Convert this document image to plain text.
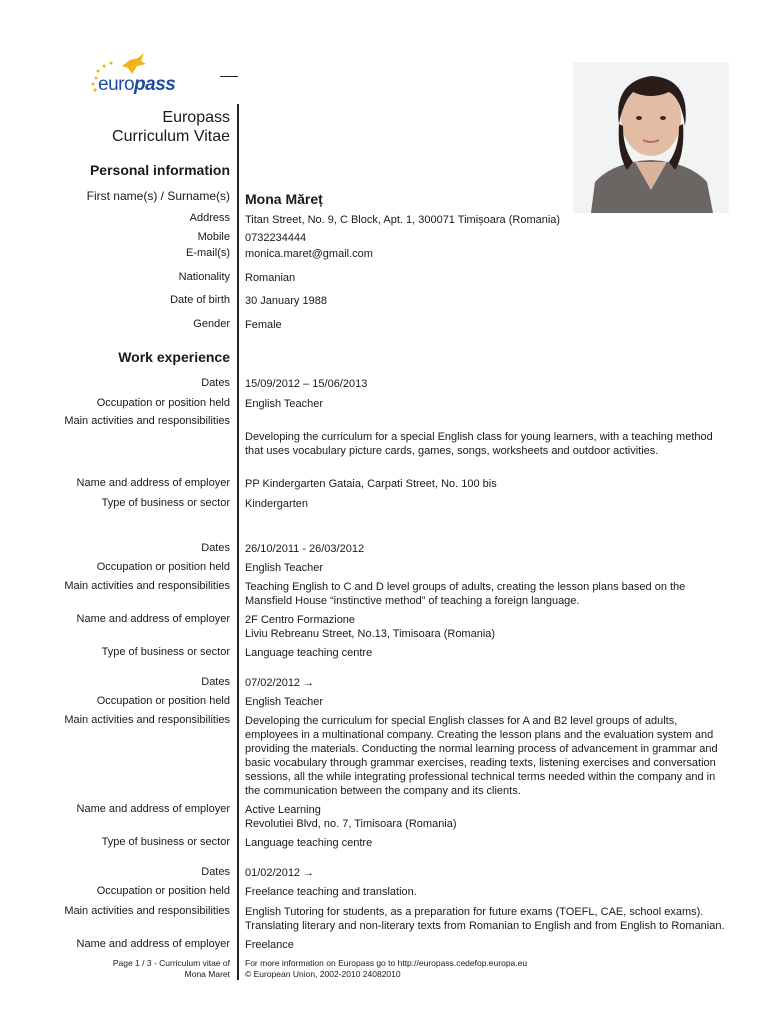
europass
Europass
Curriculum Vitae
Personal information
First name(s) / Surname(s) Mona Măreț
Address Titan Street, No. 9, C Block, Apt. 1, 300071 Timișoara (Romania)
Mobile 0732234444
E-mail(s) monica.maret@gmail.com
Nationality Romanian
Date of birth 30 January 1988
Gender Female
Work experience
Dates 15/09/2012 – 15/06/2013
Occupation or position held English Teacher
Main activities and responsibilities
Developing the curriculum for a special English class for young learners, with a teaching method that uses vocabulary picture cards, games, songs, worksheets and outdoor activities.
Name and address of employer PP Kindergarten Gataia, Carpati Street, No. 100 bis
Type of business or sector Kindergarten
Dates 26/10/2011 - 26/03/2012
Occupation or position held English Teacher
Main activities and responsibilities Teaching English to C and D level groups of adults, creating the lesson plans based on the Mansfield House “instinctive method” of teaching a foreign language.
Name and address of employer 2F Centro Formazione
Liviu Rebreanu Street, No.13, Timisoara (Romania)
Type of business or sector Language teaching centre
Dates 07/02/2012 →
Occupation or position held English Teacher
Main activities and responsibilities Developing the curriculum for special English classes for A and B2 level groups of adults, employees in a multinational company. Creating the lesson plans and the evaluation system and providing the materials. Conducting the normal learning process of advancement in grammar and basic vocabulary through grammar exercises, reading texts, listening exercises and conversation sessions, all the while integrating professional technical terms needed within the company and in the communication between the company and its clients.
Name and address of employer Active Learning
Revolutiei Blvd, no. 7, Timisoara (Romania)
Type of business or sector Language teaching centre
Dates 01/02/2012 →
Occupation or position held Freelance teaching and translation.
Main activities and responsibilities English Tutoring for students, as a preparation for future exams (TOEFL, CAE, school exams). Translating literary and non-literary texts from Romanian to English and from English to Romanian.
Name and address of employer Freelance
Page 1 / 3 - Curriculum vitae of
Mona Maret
For more information on Europass go to http://europass.cedefop.europa.eu
© European Union, 2002-2010 24082010
